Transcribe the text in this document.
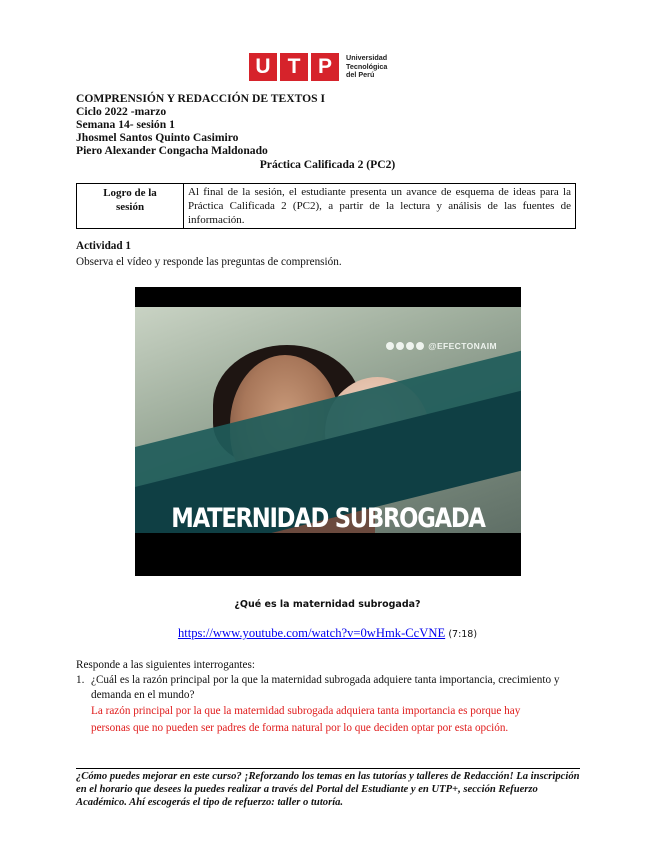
U T P	Universidad
Tecnológica
del Perú
COMPRENSIÓN Y REDACCIÓN DE TEXTOS I
Ciclo 2022 -marzo
Semana 14- sesión 1
Jhosmel Santos Quinto Casimiro
Piero Alexander Congacha Maldonado
Práctica Calificada 2 (PC2)
Logro de la
sesión
	Al final de la sesión, el estudiante presenta un avance de esquema de ideas para la Práctica Calificada 2 (PC2), a partir de la lectura y análisis de las fuentes de información.
Actividad 1
Observa el vídeo y responde las preguntas de comprensión.
@EFECTONAIM
MATERNIDAD SUBROGADA
¿Qué es la maternidad subrogada?
https://www.youtube.com/watch?v=0wHmk-CcVNE (7:18)
Responde a las siguientes interrogantes:
1. ¿Cuál es la razón principal por la que la maternidad subrogada adquiere tanta importancia, crecimiento y demanda en el mundo?
La razón principal por la que la maternidad subrogada adquiera tanta importancia es porque hay
personas que no pueden ser padres de forma natural por lo que deciden optar por esta opción.
¿Cómo puedes mejorar en este curso? ¡Reforzando los temas en las tutorías y talleres de Redacción! La inscripción en el horario que desees la puedes realizar a través del Portal del Estudiante y en UTP+, sección Refuerzo Académico. Ahí escogerás el tipo de refuerzo: taller o tutoría.
